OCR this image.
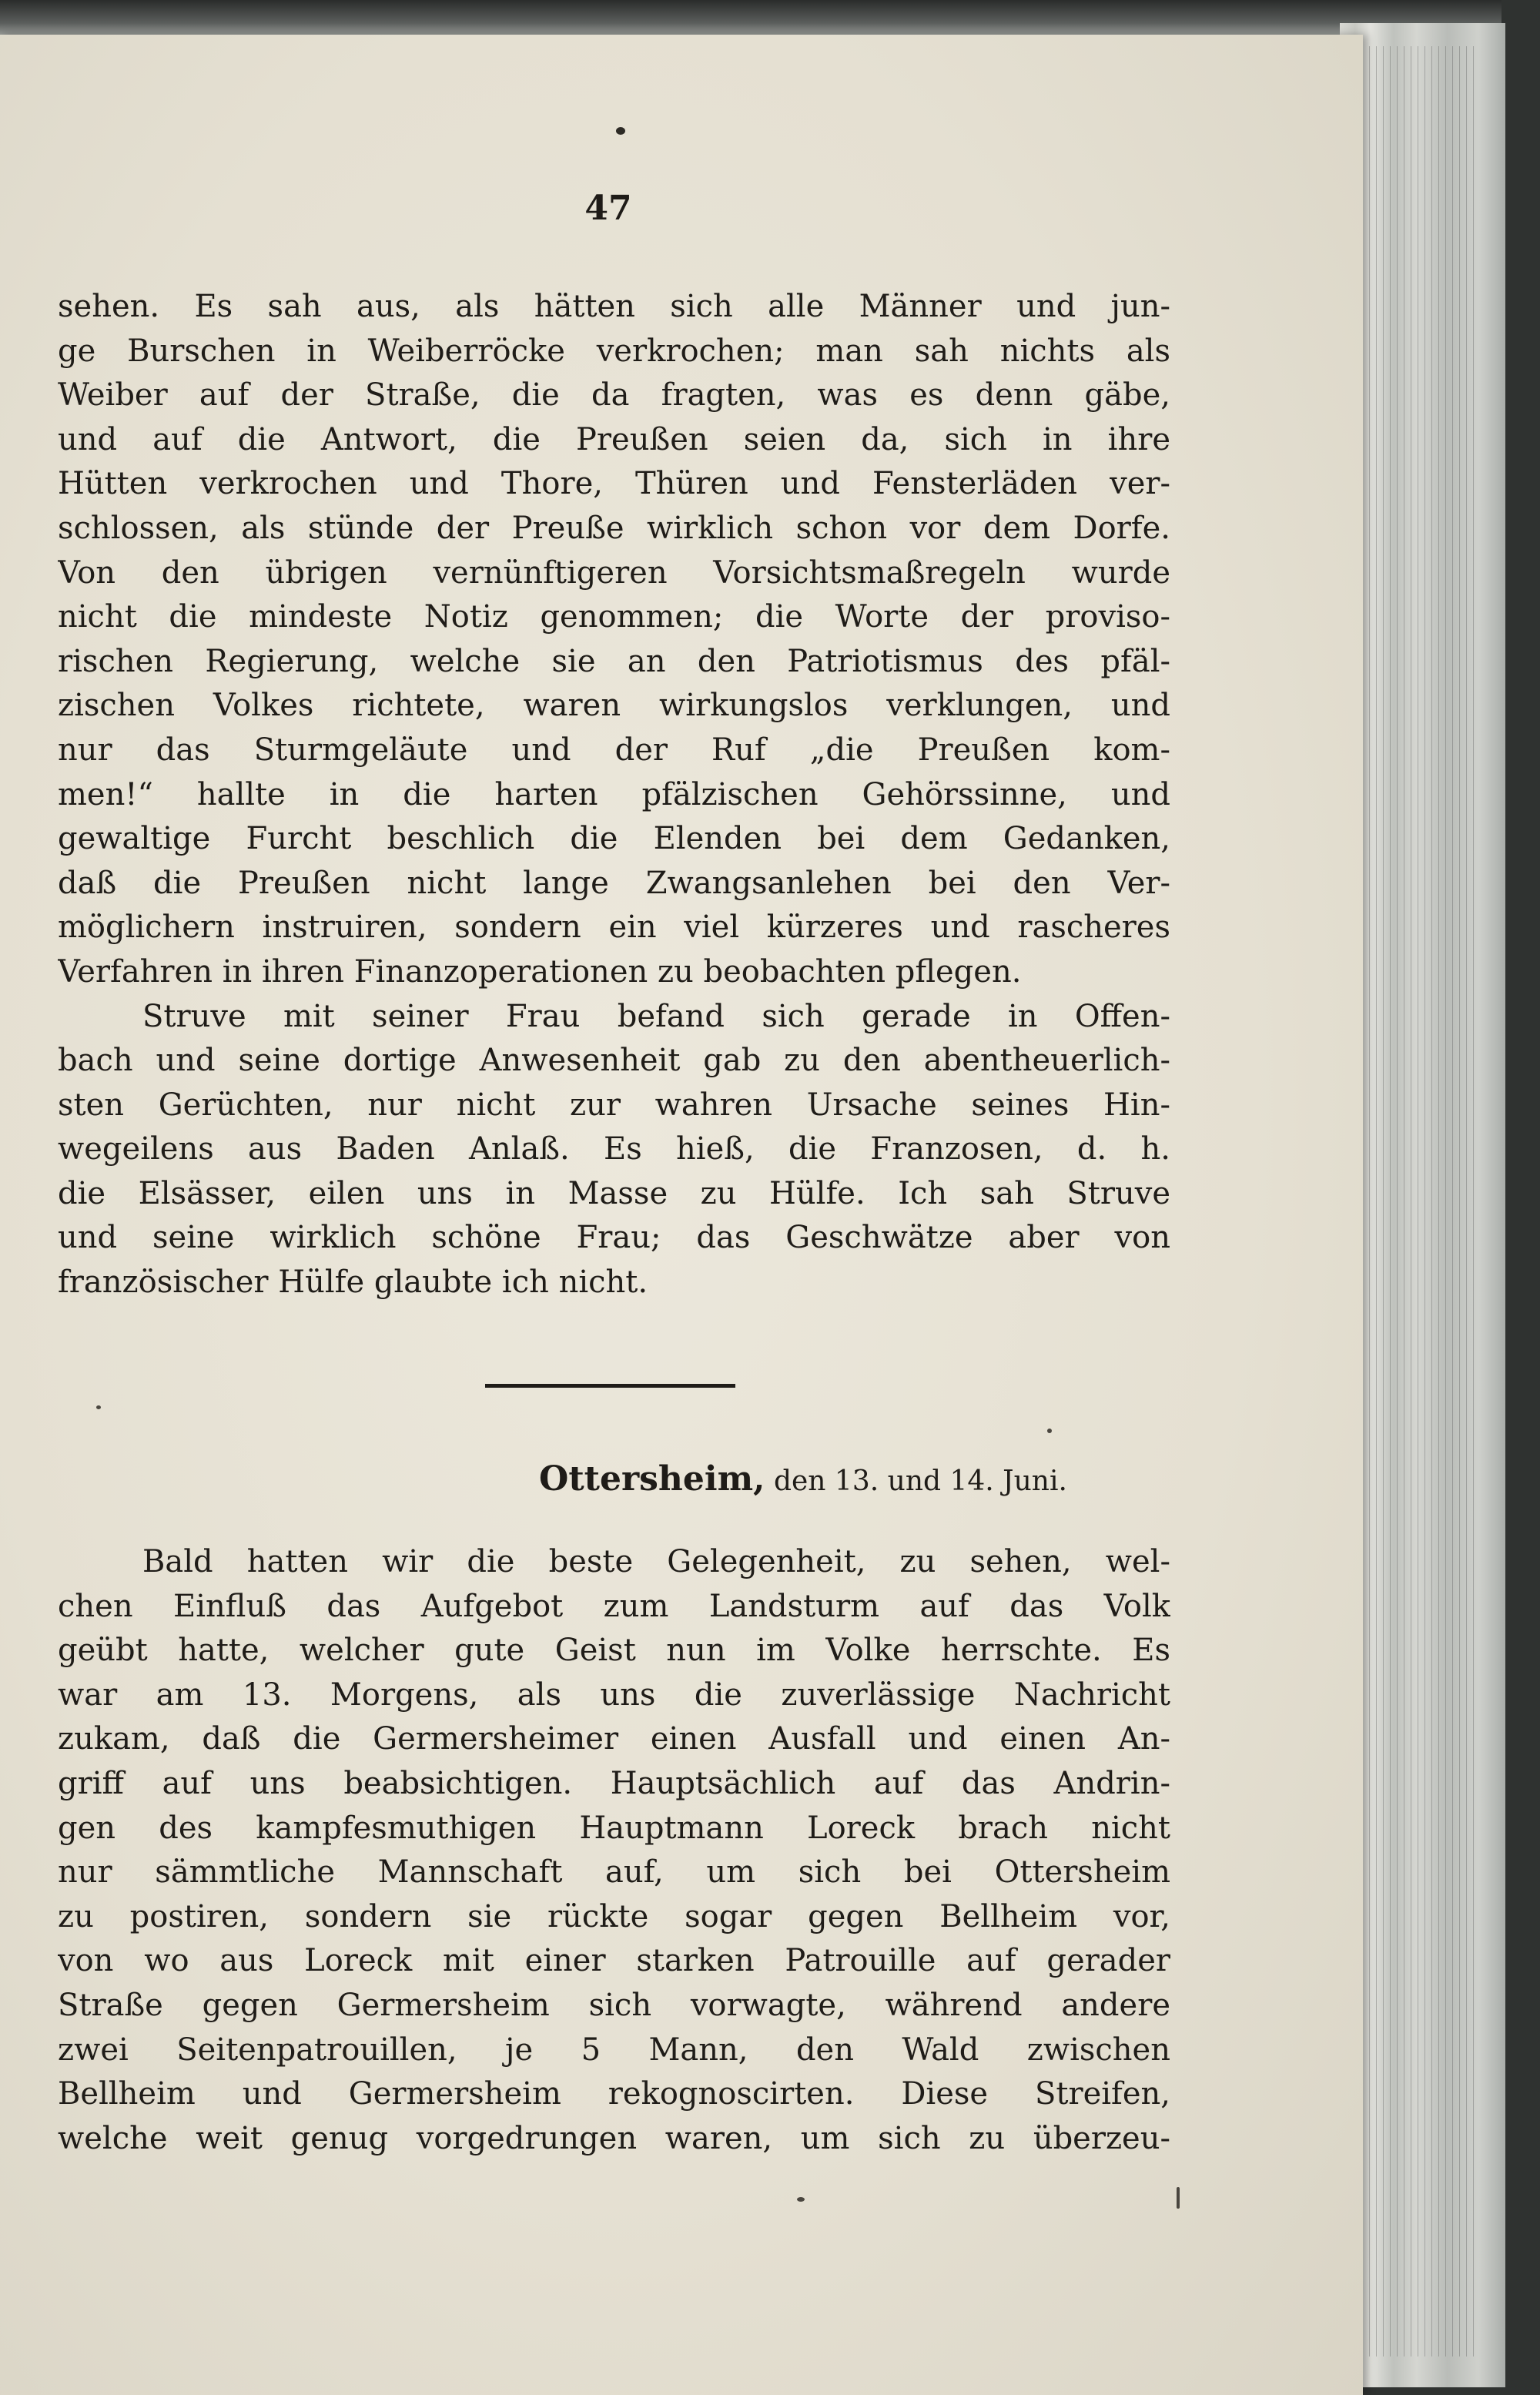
47
sehen. Es sah aus, als hätten sich alle Männer und jun-
ge Burschen in Weiberröcke verkrochen; man sah nichts als
Weiber auf der Straße, die da fragten, was es denn gäbe,
und auf die Antwort, die Preußen seien da, sich in ihre
Hütten verkrochen und Thore, Thüren und Fensterläden ver-
schlossen, als stünde der Preuße wirklich schon vor dem Dorfe.
Von den übrigen vernünftigeren Vorsichtsmaßregeln wurde
nicht die mindeste Notiz genommen; die Worte der proviso-
rischen Regierung, welche sie an den Patriotismus des pfäl-
zischen Volkes richtete, waren wirkungslos verklungen, und
nur das Sturmgeläute und der Ruf „die Preußen kom-
men!“ hallte in die harten pfälzischen Gehörssinne, und
gewaltige Furcht beschlich die Elenden bei dem Gedanken,
daß die Preußen nicht lange Zwangsanlehen bei den Ver-
möglichern instruiren, sondern ein viel kürzeres und rascheres
Verfahren in ihren Finanzoperationen zu beobachten pflegen.
Struve mit seiner Frau befand sich gerade in Offen-
bach und seine dortige Anwesenheit gab zu den abentheuerlich-
sten Gerüchten, nur nicht zur wahren Ursache seines Hin-
wegeilens aus Baden Anlaß. Es hieß, die Franzosen, d. h.
die Elsässer, eilen uns in Masse zu Hülfe. Ich sah Struve
und seine wirklich schöne Frau; das Geschwätze aber von
französischer Hülfe glaubte ich nicht.
Ottersheim, den 13. und 14. Juni.
Bald hatten wir die beste Gelegenheit, zu sehen, wel-
chen Einfluß das Aufgebot zum Landsturm auf das Volk
geübt hatte, welcher gute Geist nun im Volke herrschte. Es
war am 13. Morgens, als uns die zuverlässige Nachricht
zukam, daß die Germersheimer einen Ausfall und einen An-
griff auf uns beabsichtigen. Hauptsächlich auf das Andrin-
gen des kampfesmuthigen Hauptmann Loreck brach nicht
nur sämmtliche Mannschaft auf, um sich bei Ottersheim
zu postiren, sondern sie rückte sogar gegen Bellheim vor,
von wo aus Loreck mit einer starken Patrouille auf gerader
Straße gegen Germersheim sich vorwagte, während andere
zwei Seitenpatrouillen, je 5 Mann, den Wald zwischen
Bellheim und Germersheim rekognoscirten. Diese Streifen,
welche weit genug vorgedrungen waren, um sich zu überzeu-
